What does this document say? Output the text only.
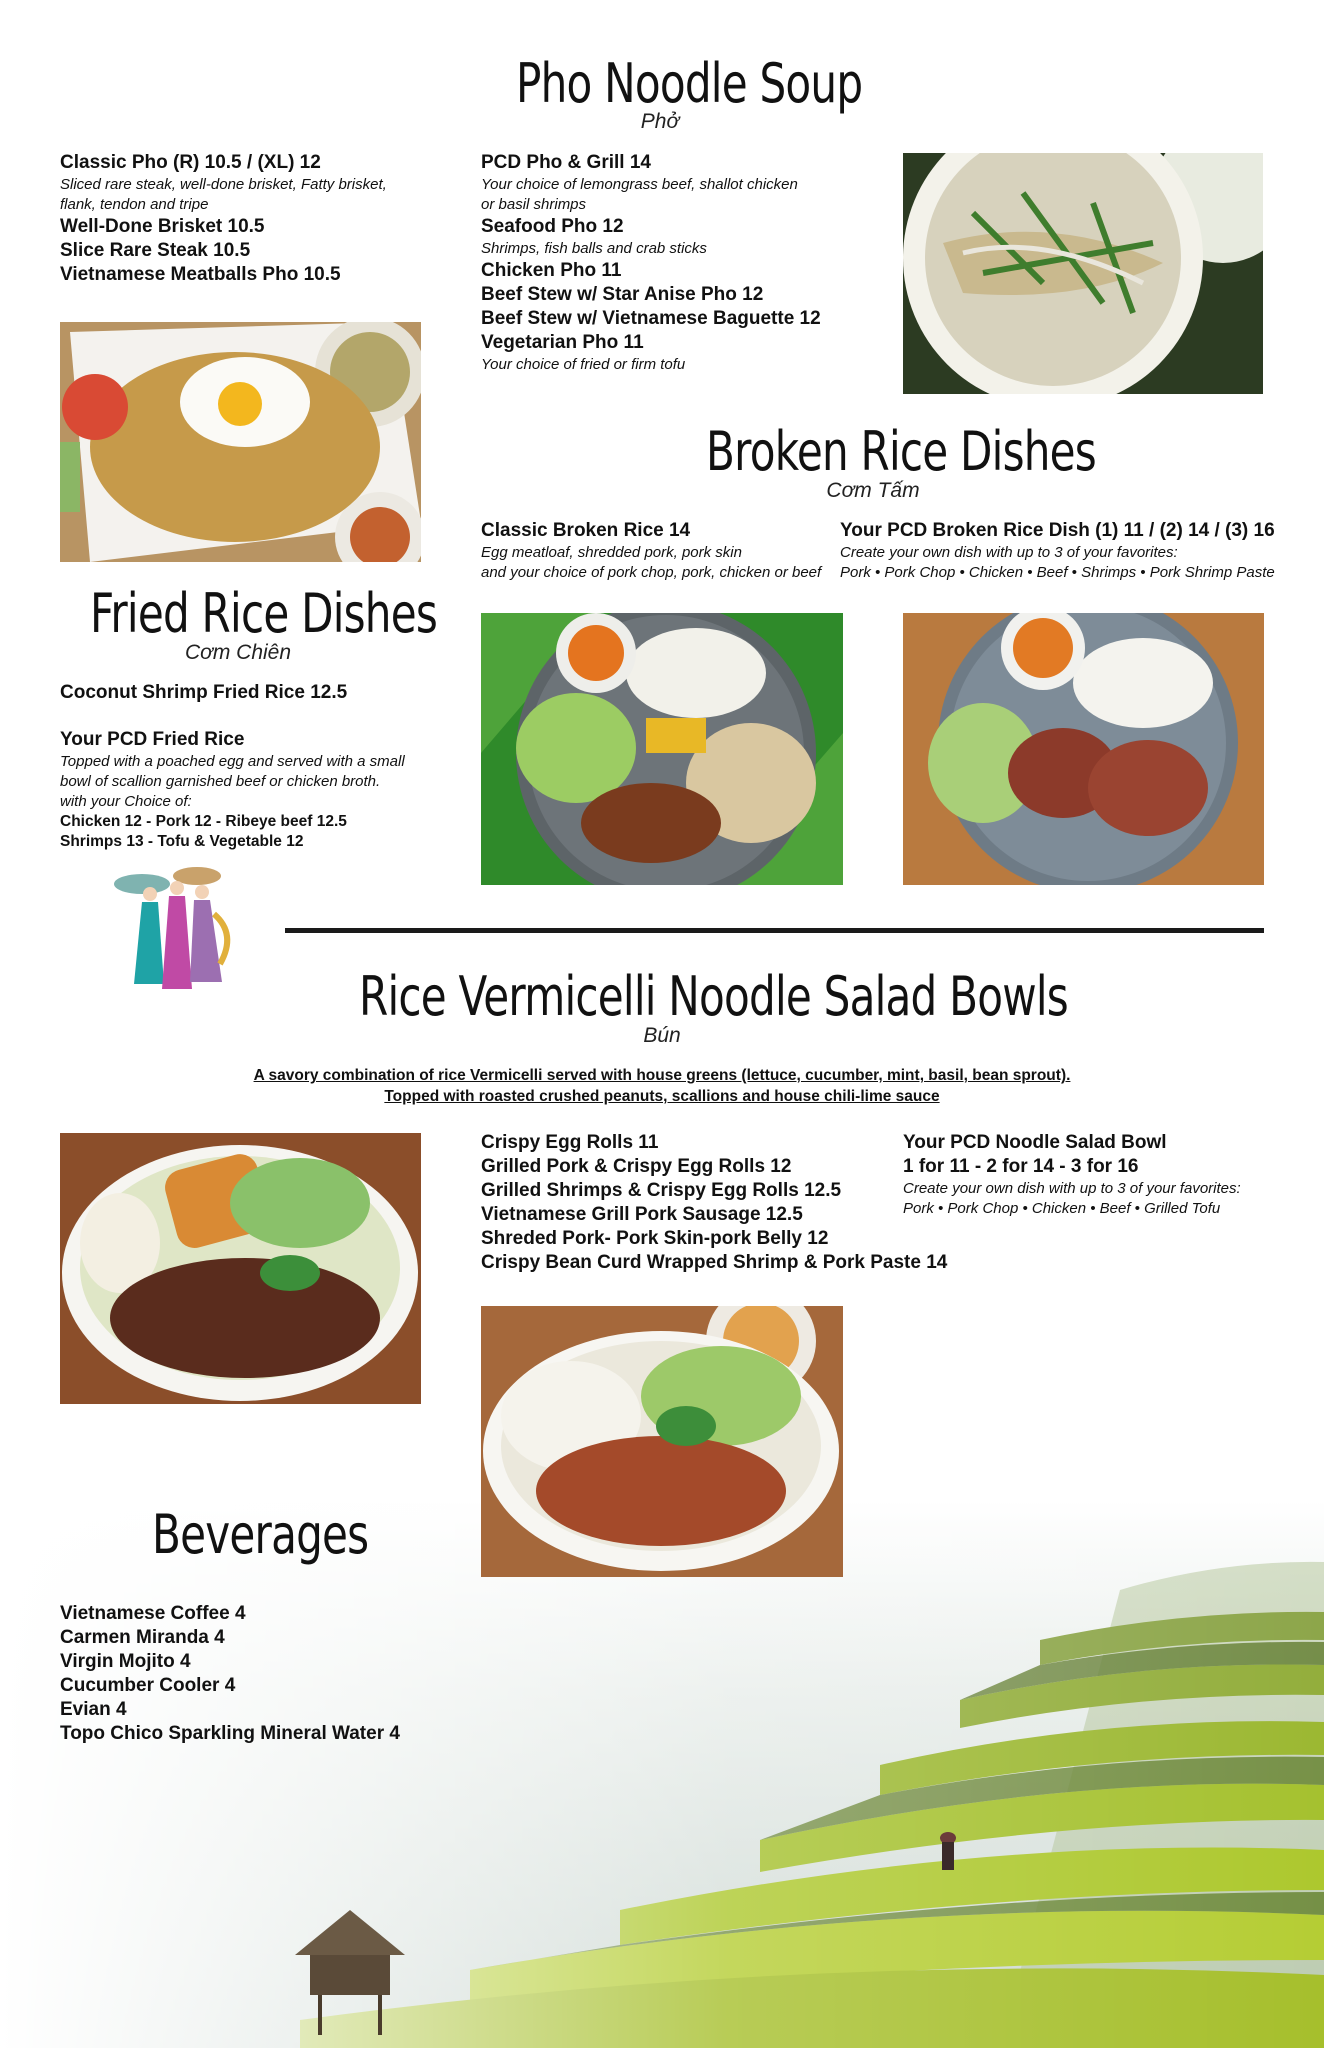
Pho Noodle Soup
Phở
Classic Pho (R) 10.5 / (XL) 12
Sliced rare steak, well-done brisket, Fatty brisket,
flank, tendon and tripe
Well-Done Brisket 10.5
Slice Rare Steak 10.5
Vietnamese Meatballs Pho 10.5
PCD Pho & Grill 14
Your choice of lemongrass beef, shallot chicken
or basil shrimps
Seafood Pho 12
Shrimps, fish balls and crab sticks
Chicken Pho 11
Beef Stew w/ Star Anise Pho 12
Beef Stew w/ Vietnamese Baguette 12
Vegetarian Pho 11
Your choice of fried or firm tofu
Broken Rice Dishes
Cơm Tấm
Classic Broken Rice 14
Egg meatloaf, shredded pork, pork skin
and your choice of pork chop, pork, chicken or beef
Your PCD Broken Rice Dish (1) 11 / (2) 14 / (3) 16
Create your own dish with up to 3 of your favorites:
Pork • Pork Chop • Chicken • Beef • Shrimps • Pork Shrimp Paste
Fried Rice Dishes
Cơm Chiên
Coconut Shrimp Fried Rice 12.5
Your PCD Fried Rice
Topped with a poached egg and served with a small
bowl of scallion garnished beef or chicken broth.
with your Choice of:
Chicken 12 - Pork 12 - Ribeye beef 12.5
Shrimps 13 - Tofu & Vegetable 12
Rice Vermicelli Noodle Salad Bowls
Bún
A savory combination of rice Vermicelli served with house greens (lettuce, cucumber, mint, basil, bean sprout).
Topped with roasted crushed peanuts, scallions and house chili-lime sauce
Crispy Egg Rolls 11
Grilled Pork & Crispy Egg Rolls 12
Grilled Shrimps & Crispy Egg Rolls 12.5
Vietnamese Grill Pork Sausage 12.5
Shreded Pork- Pork Skin-pork Belly 12
Crispy Bean Curd Wrapped Shrimp & Pork Paste 14
Your PCD Noodle Salad Bowl
1 for 11 - 2 for 14 - 3 for 16
Create your own dish with up to 3 of your favorites:
Pork • Pork Chop • Chicken • Beef • Grilled Tofu
Beverages
Vietnamese Coffee 4
Carmen Miranda 4
Virgin Mojito 4
Cucumber Cooler 4
Evian 4
Topo Chico Sparkling Mineral Water 4
